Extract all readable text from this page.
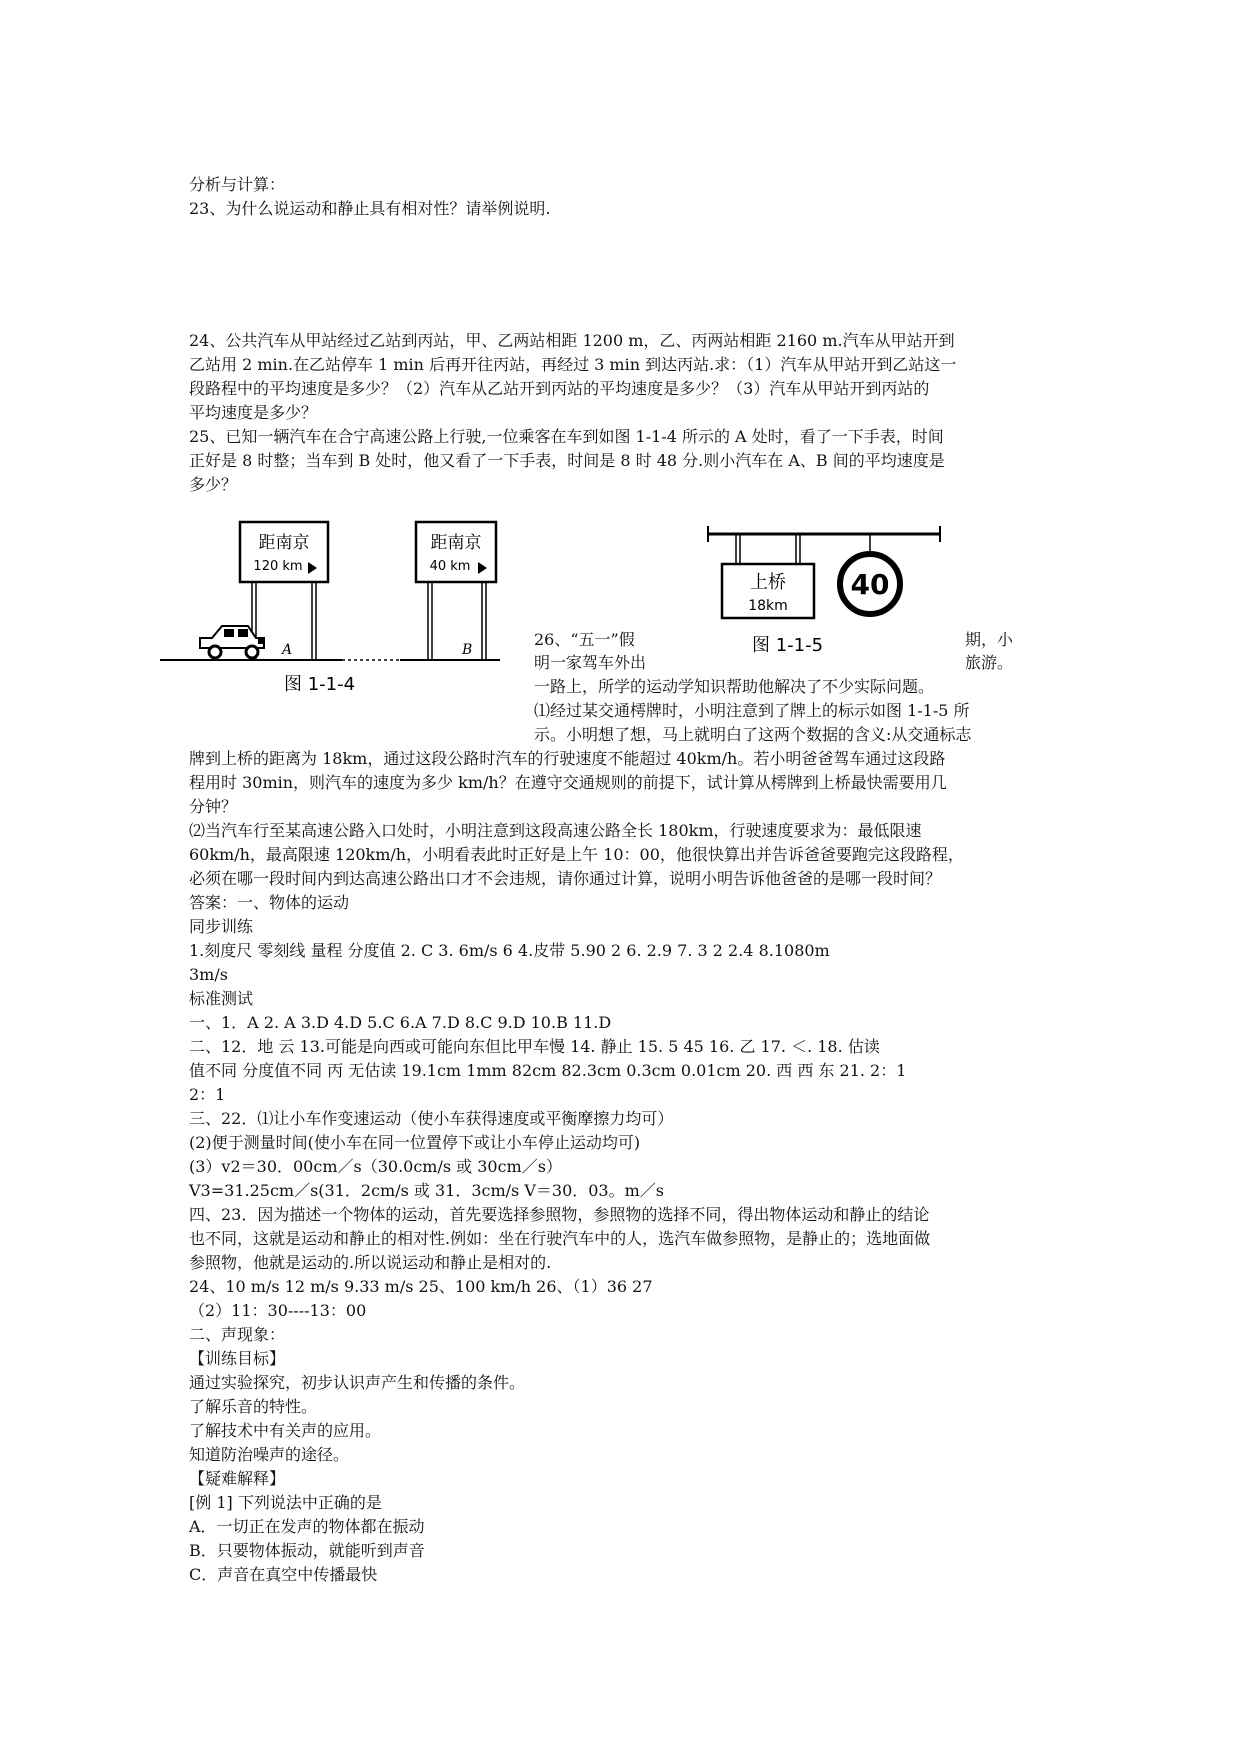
分析与计算：
23、为什么说运动和静止具有相对性？请举例说明.
24、公共汽车从甲站经过乙站到丙站，甲、乙两站相距 1200 m，乙、丙两站相距 2160 m.汽车从甲站开到
乙站用 2 min.在乙站停车 1 min 后再开往丙站，再经过 3 min 到达丙站.求：（1）汽车从甲站开到乙站这一
段路程中的平均速度是多少？（2）汽车从乙站开到丙站的平均速度是多少？（3）汽车从甲站开到丙站的
平均速度是多少？
25、已知一辆汽车在合宁高速公路上行驶,一位乘客在车到如图 1-1-4 所示的 A 处时，看了一下手表，时间
正好是 8 时整；当车到 B 处时，他又看了一下手表，时间是 8 时 48 分.则小汽车在 A、B 间的平均速度是
多少？
距南京
120 km
距南京
40 km
A	B
图 1-1-4
上桥
18km
40
图 1-1-5
26、“五一”假	期，小
明一家驾车外出	旅游。
一路上，所学的运动学知识帮助他解决了不少实际问题。
⑴经过某交通樗牌时，小明注意到了牌上的标示如图 1-1-5 所
示。小明想了想，马上就明白了这两个数据的含义:从交通标志
牌到上桥的距离为 18km，通过这段公路时汽车的行驶速度不能超过 40km/h。若小明爸爸驾车通过这段路
程用时 30min，则汽车的速度为多少 km/h？在遵守交通规则的前提下，试计算从樗牌到上桥最快需要用几
分钟？
⑵当汽车行至某高速公路入口处时，小明注意到这段高速公路全长 180km，行驶速度要求为：最低限速
60km/h，最高限速 120km/h，小明看表此时正好是上午 10：00，他很快算出并告诉爸爸要跑完这段路程，
必须在哪一段时间内到达高速公路出口才不会违规，请你通过计算，说明小明告诉他爸爸的是哪一段时间？
答案：一、物体的运动
同步训练
1.刻度尺 零刻线 量程 分度值 2. C 3. 6m/s 6 4.皮带 5.90 2 6. 2.9 7. 3 2 2.4 8.1080m
3m/s
标准测试
一、1．A 2. A 3.D 4.D 5.C 6.A 7.D 8.C 9.D 10.B 11.D
二、12．地 云 13.可能是向西或可能向东但比甲车慢 14. 静止 15. 5 45 16. 乙 17. ＜. 18. 估读
值不同 分度值不同 丙 无估读 19.1cm 1mm 82cm 82.3cm 0.3cm 0.01cm 20. 西 西 东 21. 2：1
2：1
三、22．⑴让小车作变速运动（使小车获得速度或平衡摩擦力均可）
(2)便于测量时间(使小车在同一位置停下或让小车停止运动均可)
(3）v2＝30．00cm／s（30.0cm/s 或 30cm／s）
V3=31.25cm／s(31．2cm/s 或 31．3cm/s V＝30．03。m／s
四、23．因为描述一个物体的运动，首先要选择参照物，参照物的选择不同，得出物体运动和静止的结论
也不同，这就是运动和静止的相对性.例如：坐在行驶汽车中的人，选汽车做参照物，是静止的；选地面做
参照物，他就是运动的.所以说运动和静止是相对的.
24、10 m/s 12 m/s 9.33 m/s 25、100 km/h 26、（1）36 27
（2）11：30----13：00
二、声现象：
【训练目标】
通过实验探究，初步认识声产生和传播的条件。
了解乐音的特性。
了解技术中有关声的应用。
知道防治噪声的途径。
【疑难解释】
[例 1] 下列说法中正确的是
A．一切正在发声的物体都在振动
B．只要物体振动，就能听到声音
C．声音在真空中传播最快
